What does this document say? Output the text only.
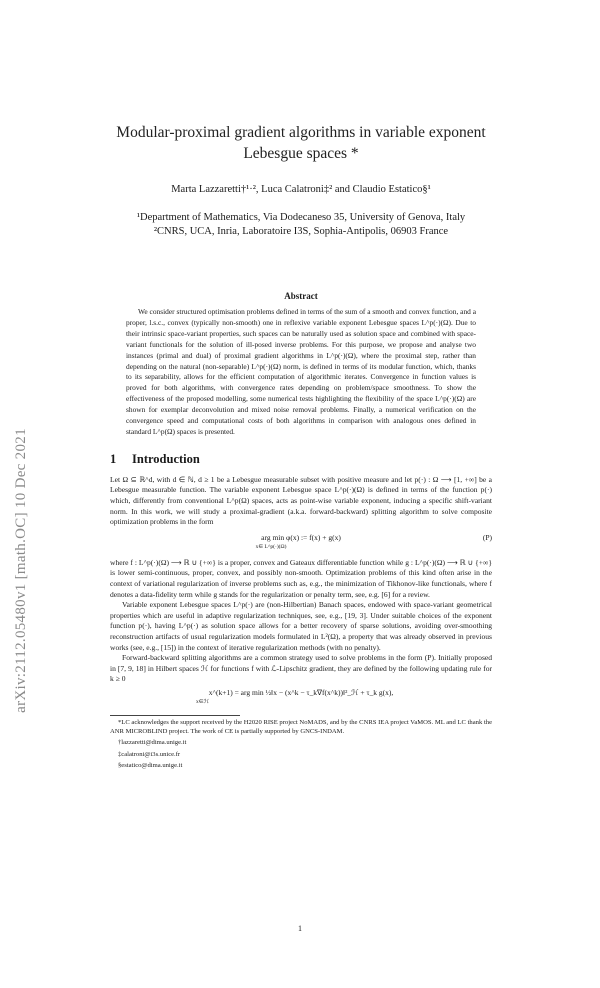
arXiv:2112.05480v1 [math.OC] 10 Dec 2021
Modular-proximal gradient algorithms in variable exponent
Lebesgue spaces *
Marta Lazzaretti†¹·², Luca Calatroni‡² and Claudio Estatico§¹
¹Department of Mathematics, Via Dodecaneso 35, University of Genova, Italy
²CNRS, UCA, Inria, Laboratoire I3S, Sophia-Antipolis, 06903 France
Abstract

We consider structured optimisation problems defined in terms of the sum of a smooth and convex function, and a proper, l.s.c., convex (typically non-smooth) one in reflexive variable exponent Lebesgue spaces L^p(·)(Ω). Due to their intrinsic space-variant properties, such spaces can be naturally used as solution space and combined with space-variant functionals for the solution of ill-posed inverse problems. For this purpose, we propose and analyse two instances (primal and dual) of proximal gradient algorithms in L^p(·)(Ω), where the proximal step, rather than depending on the natural (non-separable) L^p(·)(Ω) norm, is defined in terms of its modular function, which, thanks to its separability, allows for the efficient computation of algorithmic iterates. Convergence in function values is proved for both algorithms, with convergence rates depending on problem/space smoothness. To show the effectiveness of the proposed modelling, some numerical tests highlighting the flexibility of the space L^p(·)(Ω) are shown for exemplar deconvolution and mixed noise removal problems. Finally, a numerical verification on the convergence speed and computational costs of both algorithms in comparison with analogous ones defined in standard L^p(Ω) spaces is presented.

1 Introduction

Let Ω ⊆ ℝ^d, with d ∈ ℕ, d ≥ 1 be a Lebesgue measurable subset with positive measure and let p(·) : Ω ⟶ [1, +∞] be a Lebesgue measurable function. The variable exponent Lebesgue space L^p(·)(Ω) is defined in terms of the function p(·) which, differently from conventional L^p(Ω) spaces, acts as point-wise variable exponent, inducing a specific shift-variant norm. In this work, we will study a proximal-gradient (a.k.a. forward-backward) splitting algorithm to solve composite optimization problems in the form

arg min φ(x) := f(x) + g(x)
x∈ L^p(·)(Ω)
(P)

where f : L^p(·)(Ω) ⟶ ℝ ∪ {+∞} is a proper, convex and Gateaux differentiable function while g : L^p(·)(Ω) ⟶ ℝ ∪ {+∞} is lower semi-continuous, proper, convex, and possibly non-smooth. Optimization problems of this kind often arise in the context of variational regularization of inverse problems such as, e.g., the minimization of Tikhonov-like functionals, where f denotes a data-fidelity term while g stands for the regularization or penalty term, see, e.g. [6] for a review.

Variable exponent Lebesgue spaces L^p(·) are (non-Hilbertian) Banach spaces, endowed with space-variant geometrical properties which are useful in adaptive regularization techniques, see, e.g., [19, 3]. Under suitable choices of the exponent function p(·), having L^p(·) as solution space allows for a better recovery of sparse solutions, avoiding over-smoothing reconstruction artifacts of usual regularization models formulated in L²(Ω), a property that was already observed in previous works (see, e.g., [15]) in the context of iterative regularization methods (with no penalty).

Forward-backward splitting algorithms are a common strategy used to solve problems in the form (P). Initially proposed in [7, 9, 18] in Hilbert spaces ℋ for functions f with ℒ-Lipschitz gradient, they are defined by the following updating rule for k ≥ 0

x^(k+1) = arg min ½‖x − (x^k − τ_k∇f(x^k))‖²_ℋ + τ_k g(x),
x∈ℋ

*LC acknowledges the support received by the H2020 RISE project NoMADS, and by the CNRS IEA project VaMOS. ML and LC thank the ANR MICROBLIND project. The work of CE is partially supported by GNCS-INDAM.

†lazzaretti@dima.unige.it

‡calatroni@i3s.unice.fr

§estatico@dima.unige.it

1
